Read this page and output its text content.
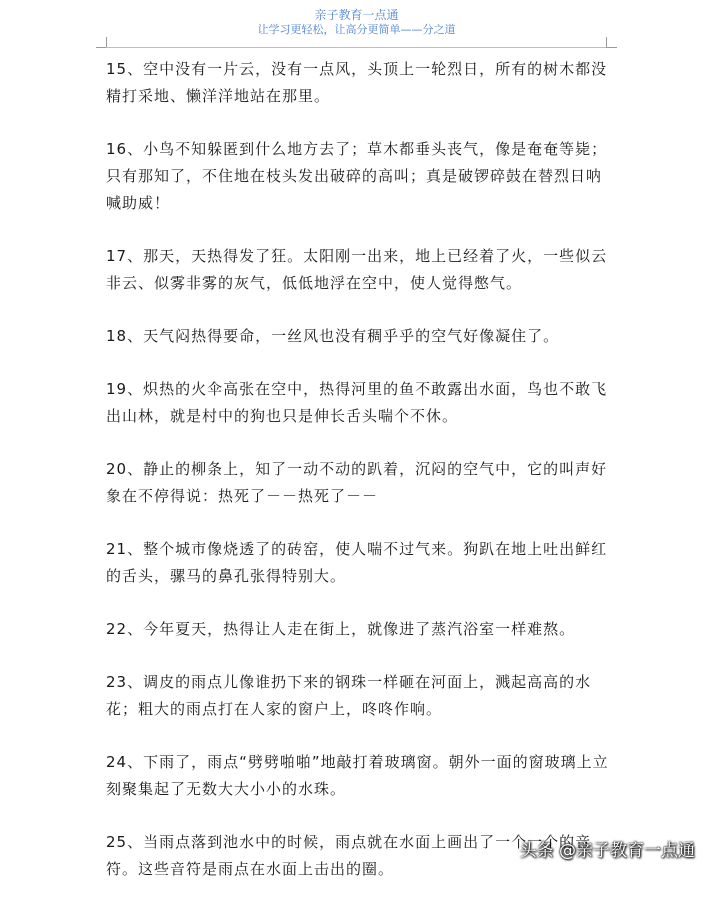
亲子教育一点通
让学习更轻松，让高分更简单——分之道

15、空中没有一片云，没有一点风，头顶上一轮烈日，所有的树木都没精打采地、懒洋洋地站在那里。

16、小鸟不知躲匿到什么地方去了；草木都垂头丧气，像是奄奄等毙；只有那知了，不住地在枝头发出破碎的高叫；真是破锣碎鼓在替烈日呐喊助威！

17、那天，天热得发了狂。太阳刚一出来，地上已经着了火，一些似云非云、似雾非雾的灰气，低低地浮在空中，使人觉得憋气。

18、天气闷热得要命，一丝风也没有稠乎乎的空气好像凝住了。

19、炽热的火伞高张在空中，热得河里的鱼不敢露出水面，鸟也不敢飞出山林，就是村中的狗也只是伸长舌头喘个不休。

20、静止的柳条上，知了一动不动的趴着，沉闷的空气中，它的叫声好象在不停得说：热死了－－热死了－－

21、整个城市像烧透了的砖窑，使人喘不过气来。狗趴在地上吐出鲜红的舌头，骡马的鼻孔张得特别大。

22、今年夏天，热得让人走在街上，就像进了蒸汽浴室一样难熬。

23、调皮的雨点儿像谁扔下来的钢珠一样砸在河面上，溅起高高的水花；粗大的雨点打在人家的窗户上，咚咚作响。

24、下雨了，雨点“劈劈啪啪”地敲打着玻璃窗。朝外一面的窗玻璃上立刻聚集起了无数大大小小的水珠。

25、当雨点落到池水中的时候，雨点就在水面上画出了一个一个的音符。这些音符是雨点在水面上击出的圈。

头条 @亲子教育一点通
